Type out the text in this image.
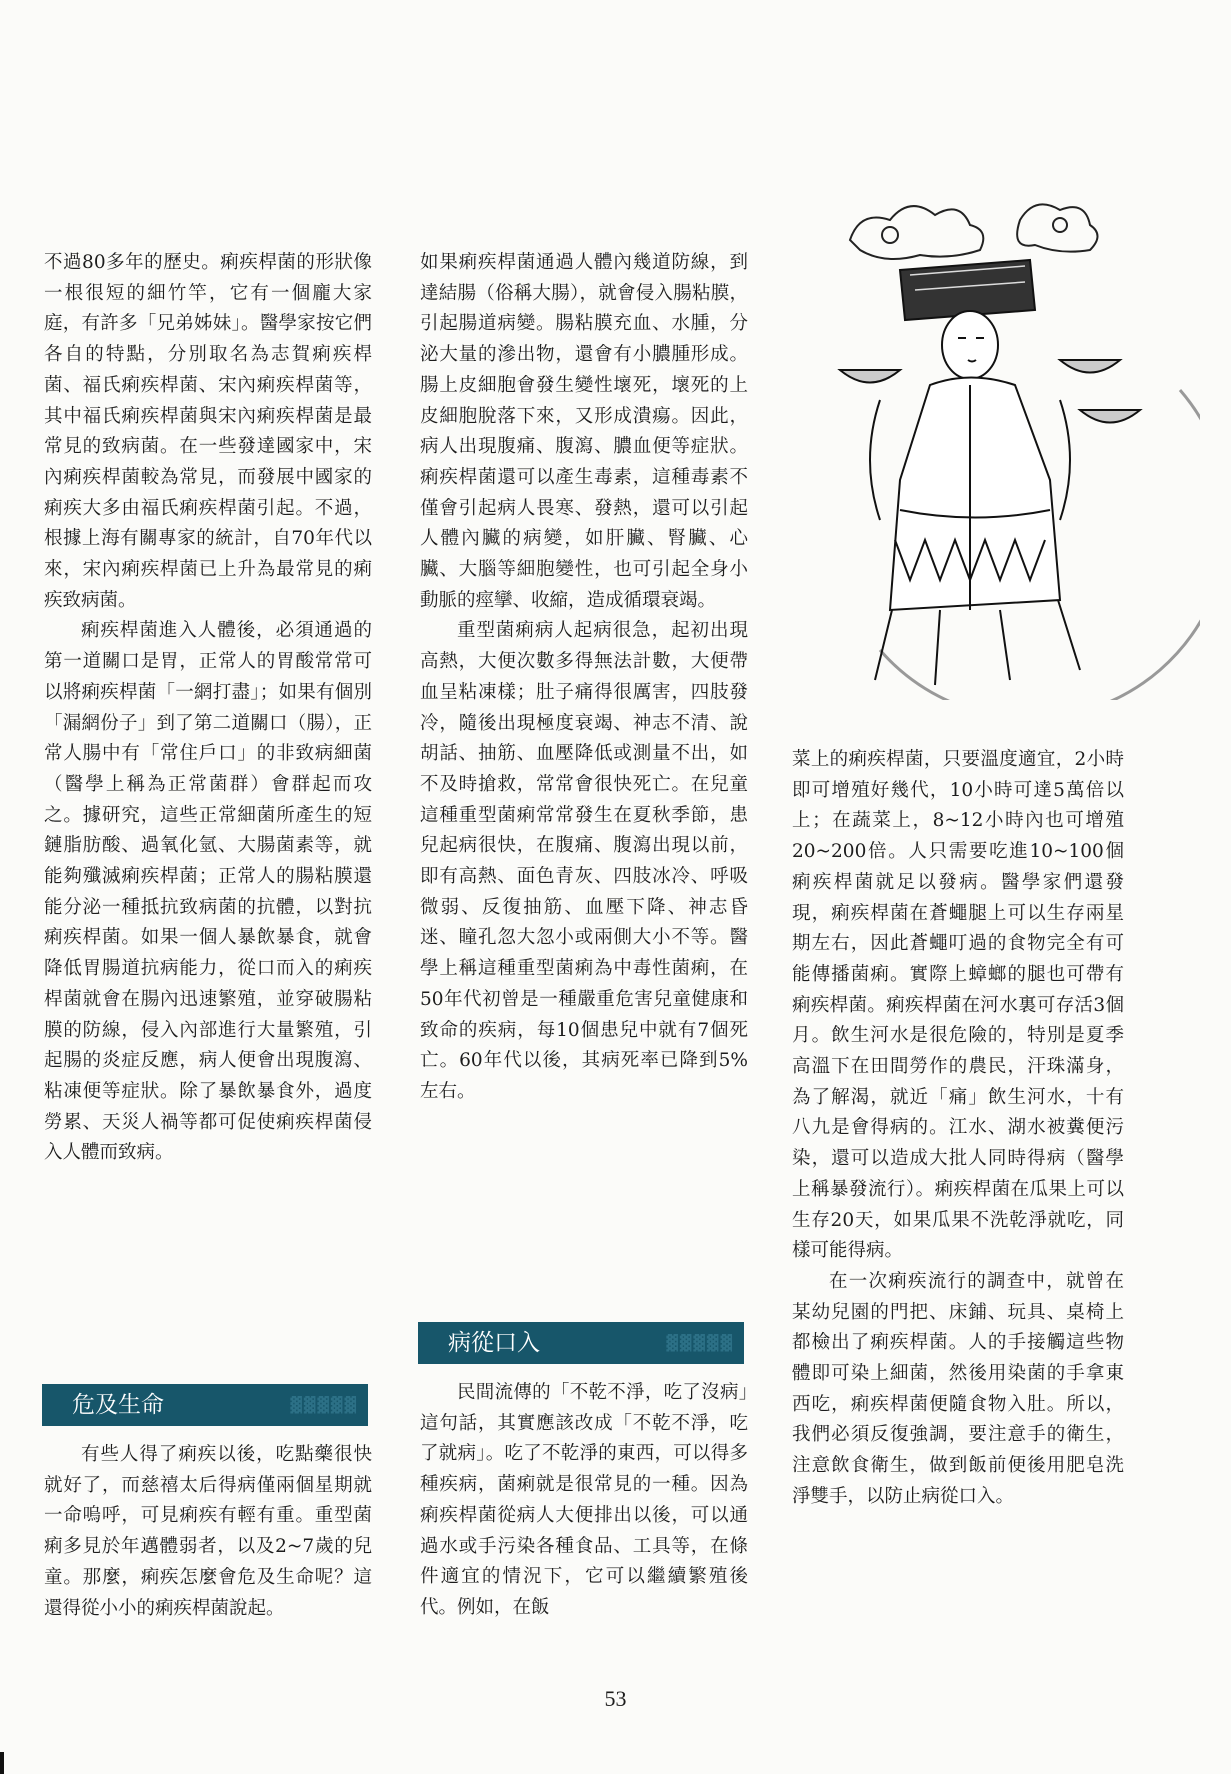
不過80多年的歷史。痢疾桿菌的形狀像一根很短的細竹竿，它有一個龐大家庭，有許多「兄弟姊妹」。醫學家按它們各自的特點，分別取名為志賀痢疾桿菌、福氏痢疾桿菌、宋內痢疾桿菌等，其中福氏痢疾桿菌與宋內痢疾桿菌是最常見的致病菌。在一些發達國家中，宋內痢疾桿菌較為常見，而發展中國家的痢疾大多由福氏痢疾桿菌引起。不過，根據上海有關專家的統計，自70年代以來，宋內痢疾桿菌已上升為最常見的痢疾致病菌。

痢疾桿菌進入人體後，必須通過的第一道關口是胃，正常人的胃酸常常可以將痢疾桿菌「一網打盡」；如果有個別「漏網份子」到了第二道關口（腸），正常人腸中有「常住戶口」的非致病細菌（醫學上稱為正常菌群）會群起而攻之。據研究，這些正常細菌所產生的短鏈脂肪酸、過氧化氫、大腸菌素等，就能夠殲滅痢疾桿菌；正常人的腸粘膜還能分泌一種抵抗致病菌的抗體，以對抗痢疾桿菌。如果一個人暴飲暴食，就會降低胃腸道抗病能力，從口而入的痢疾桿菌就會在腸內迅速繁殖，並穿破腸粘膜的防線，侵入內部進行大量繁殖，引起腸的炎症反應，病人便會出現腹瀉、粘凍便等症狀。除了暴飲暴食外，過度勞累、天災人禍等都可促使痢疾桿菌侵入人體而致病。

危及生命	▓▓▓▓▓

有些人得了痢疾以後，吃點藥很快就好了，而慈禧太后得病僅兩個星期就一命嗚呼，可見痢疾有輕有重。重型菌痢多見於年邁體弱者，以及2~7歲的兒童。那麼，痢疾怎麼會危及生命呢？這還得從小小的痢疾桿菌說起。

如果痢疾桿菌通過人體內幾道防線，到達結腸（俗稱大腸），就會侵入腸粘膜，引起腸道病變。腸粘膜充血、水腫，分泌大量的滲出物，還會有小膿腫形成。腸上皮細胞會發生變性壞死，壞死的上皮細胞脫落下來，又形成潰瘍。因此，病人出現腹痛、腹瀉、膿血便等症狀。痢疾桿菌還可以產生毒素，這種毒素不僅會引起病人畏寒、發熱，還可以引起人體內臟的病變，如肝臟、腎臟、心臟、大腦等細胞變性，也可引起全身小動脈的痙攣、收縮，造成循環衰竭。

重型菌痢病人起病很急，起初出現高熱，大便次數多得無法計數，大便帶血呈粘凍樣；肚子痛得很厲害，四肢發冷，隨後出現極度衰竭、神志不清、說胡話、抽筋、血壓降低或測量不出，如不及時搶救，常常會很快死亡。在兒童這種重型菌痢常常發生在夏秋季節，患兒起病很快，在腹痛、腹瀉出現以前，即有高熱、面色青灰、四肢冰冷、呼吸微弱、反復抽筋、血壓下降、神志昏迷、瞳孔忽大忽小或兩側大小不等。醫學上稱這種重型菌痢為中毒性菌痢，在50年代初曾是一種嚴重危害兒童健康和致命的疾病，每10個患兒中就有7個死亡。60年代以後，其病死率已降到5%左右。

病從口入	▓▓▓▓▓

民間流傳的「不乾不淨，吃了沒病」這句話，其實應該改成「不乾不淨，吃了就病」。吃了不乾淨的東西，可以得多種疾病，菌痢就是很常見的一種。因為痢疾桿菌從病人大便排出以後，可以通過水或手污染各種食品、工具等，在條件適宜的情況下，它可以繼續繁殖後代。例如，在飯

菜上的痢疾桿菌，只要溫度適宜，2小時即可增殖好幾代，10小時可達5萬倍以上；在蔬菜上，8~12小時內也可增殖20~200倍。人只需要吃進10~100個痢疾桿菌就足以發病。醫學家們還發現，痢疾桿菌在蒼蠅腿上可以生存兩星期左右，因此蒼蠅叮過的食物完全有可能傳播菌痢。實際上蟑螂的腿也可帶有痢疾桿菌。痢疾桿菌在河水裏可存活3個月。飲生河水是很危險的，特別是夏季高溫下在田間勞作的農民，汗珠滿身，為了解渴，就近「痛」飲生河水，十有八九是會得病的。江水、湖水被糞便污染，還可以造成大批人同時得病（醫學上稱暴發流行）。痢疾桿菌在瓜果上可以生存20天，如果瓜果不洗乾淨就吃，同樣可能得病。

在一次痢疾流行的調查中，就曾在某幼兒園的門把、床鋪、玩具、桌椅上都檢出了痢疾桿菌。人的手接觸這些物體即可染上細菌，然後用染菌的手拿東西吃，痢疾桿菌便隨食物入肚。所以，我們必須反復強調，要注意手的衛生，注意飲食衛生，做到飯前便後用肥皂洗淨雙手，以防止病從口入。

53
